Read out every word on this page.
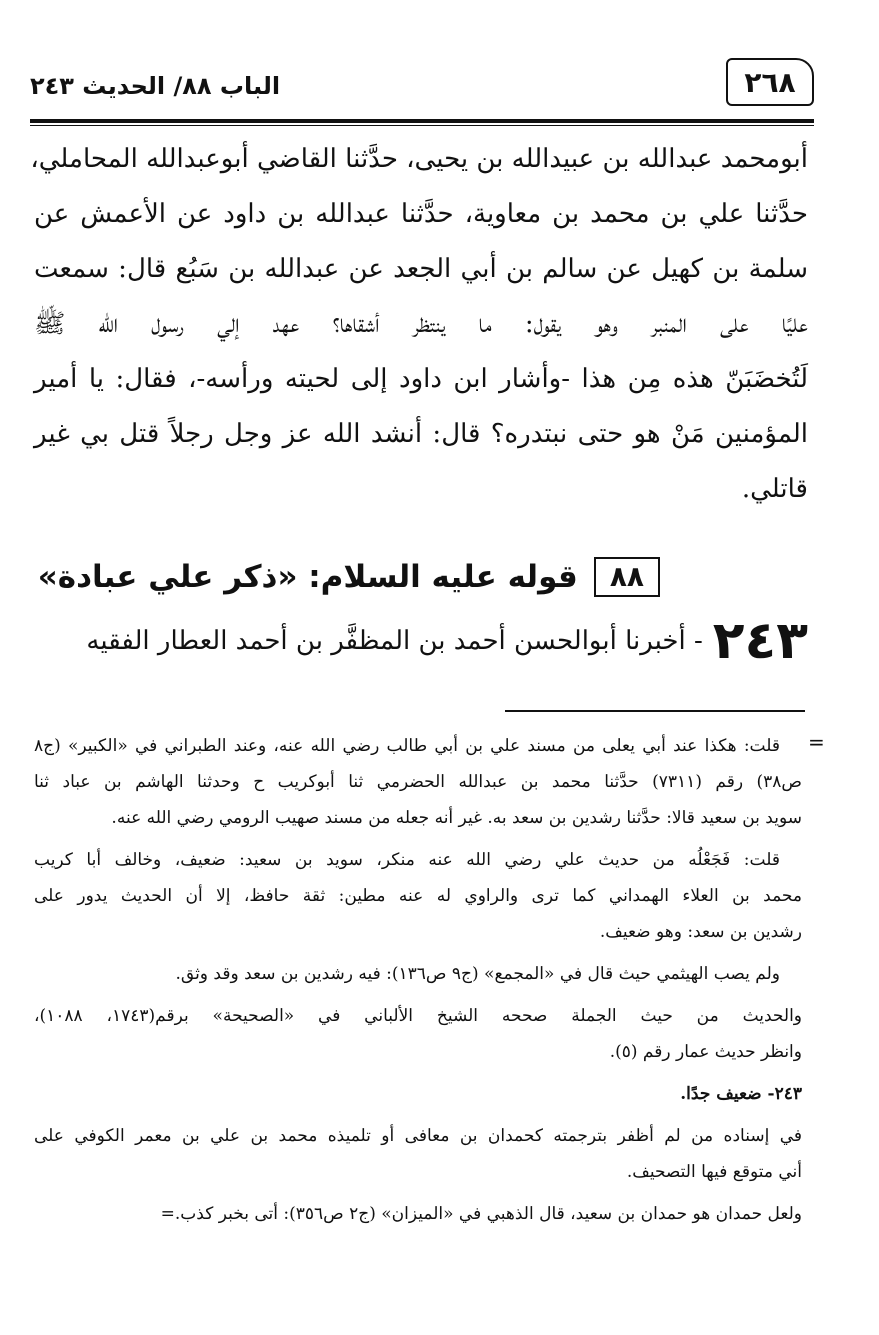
٢٦٨
الباب ٨٨/ الحديث ٢٤٣
أبومحمد عبدالله بن عبيدالله بن يحيى، حدَّثنا القاضي أبوعبدالله المحاملي،
حدَّثنا علي بن محمد بن معاوية، حدَّثنا عبدالله بن داود عن الأعمش عن
سلمة بن كهيل عن سالم بن أبي الجعد عن عبدالله بن سَبُع قال: سمعت
عليًا على المنبر وهو يقول: ما ينتظر أشقاها؟ عهد إلي رسول الله ﷺ
لَتُخضَبَنّ هذه مِن هذا -وأشار ابن داود إلى لحيته ورأسه-، فقال: يا أمير
المؤمنين مَنْ هو حتى نبتدره؟ قال: أنشد الله عز وجل رجلاً قتل بي غير
قاتلي.
٨٨
قوله عليه السلام: «ذكر علي عبادة»
٢٤٣
- أخبرنا أبوالحسن أحمد بن المظفَّر بن أحمد العطار الفقيه
=
قلت: هكذا عند أبي يعلى من مسند علي بن أبي طالب رضي الله عنه، وعند الطبراني في «الكبير» (ج٨
ص٣٨) رقم (٧٣١١) حدَّثنا محمد بن عبدالله الحضرمي ثنا أبوكريب ح وحدثنا الهاشم بن عباد ثنا
سويد بن سعيد قالا: حدَّثنا رشدين بن سعد به. غير أنه جعله من مسند صهيب الرومي رضي الله عنه.
قلت: فَجَعْلُه من حديث علي رضي الله عنه منكر، سويد بن سعيد: ضعيف، وخالف أبا كريب
محمد بن العلاء الهمداني كما ترى والراوي له عنه مطين: ثقة حافظ، إلا أن الحديث يدور على
رشدين بن سعد: وهو ضعيف.
ولم يصب الهيثمي حيث قال في «المجمع» (ج٩ ص١٣٦): فيه رشدين بن سعد وقد وثق.
والحديث من حيث الجملة صححه الشيخ الألباني في «الصحيحة» برقم(١٧٤٣، ١٠٨٨)،
وانظر حديث عمار رقم (٥).
٢٤٣- ضعيف جدًا.
في إسناده من لم أظفر بترجمته كحمدان بن معافى أو تلميذه محمد بن علي بن معمر الكوفي على
أني متوقع فيها التصحيف.
ولعل حمدان هو حمدان بن سعيد، قال الذهبي في «الميزان» (ج٢ ص٣٥٦): أتى بخبر كذب.=
